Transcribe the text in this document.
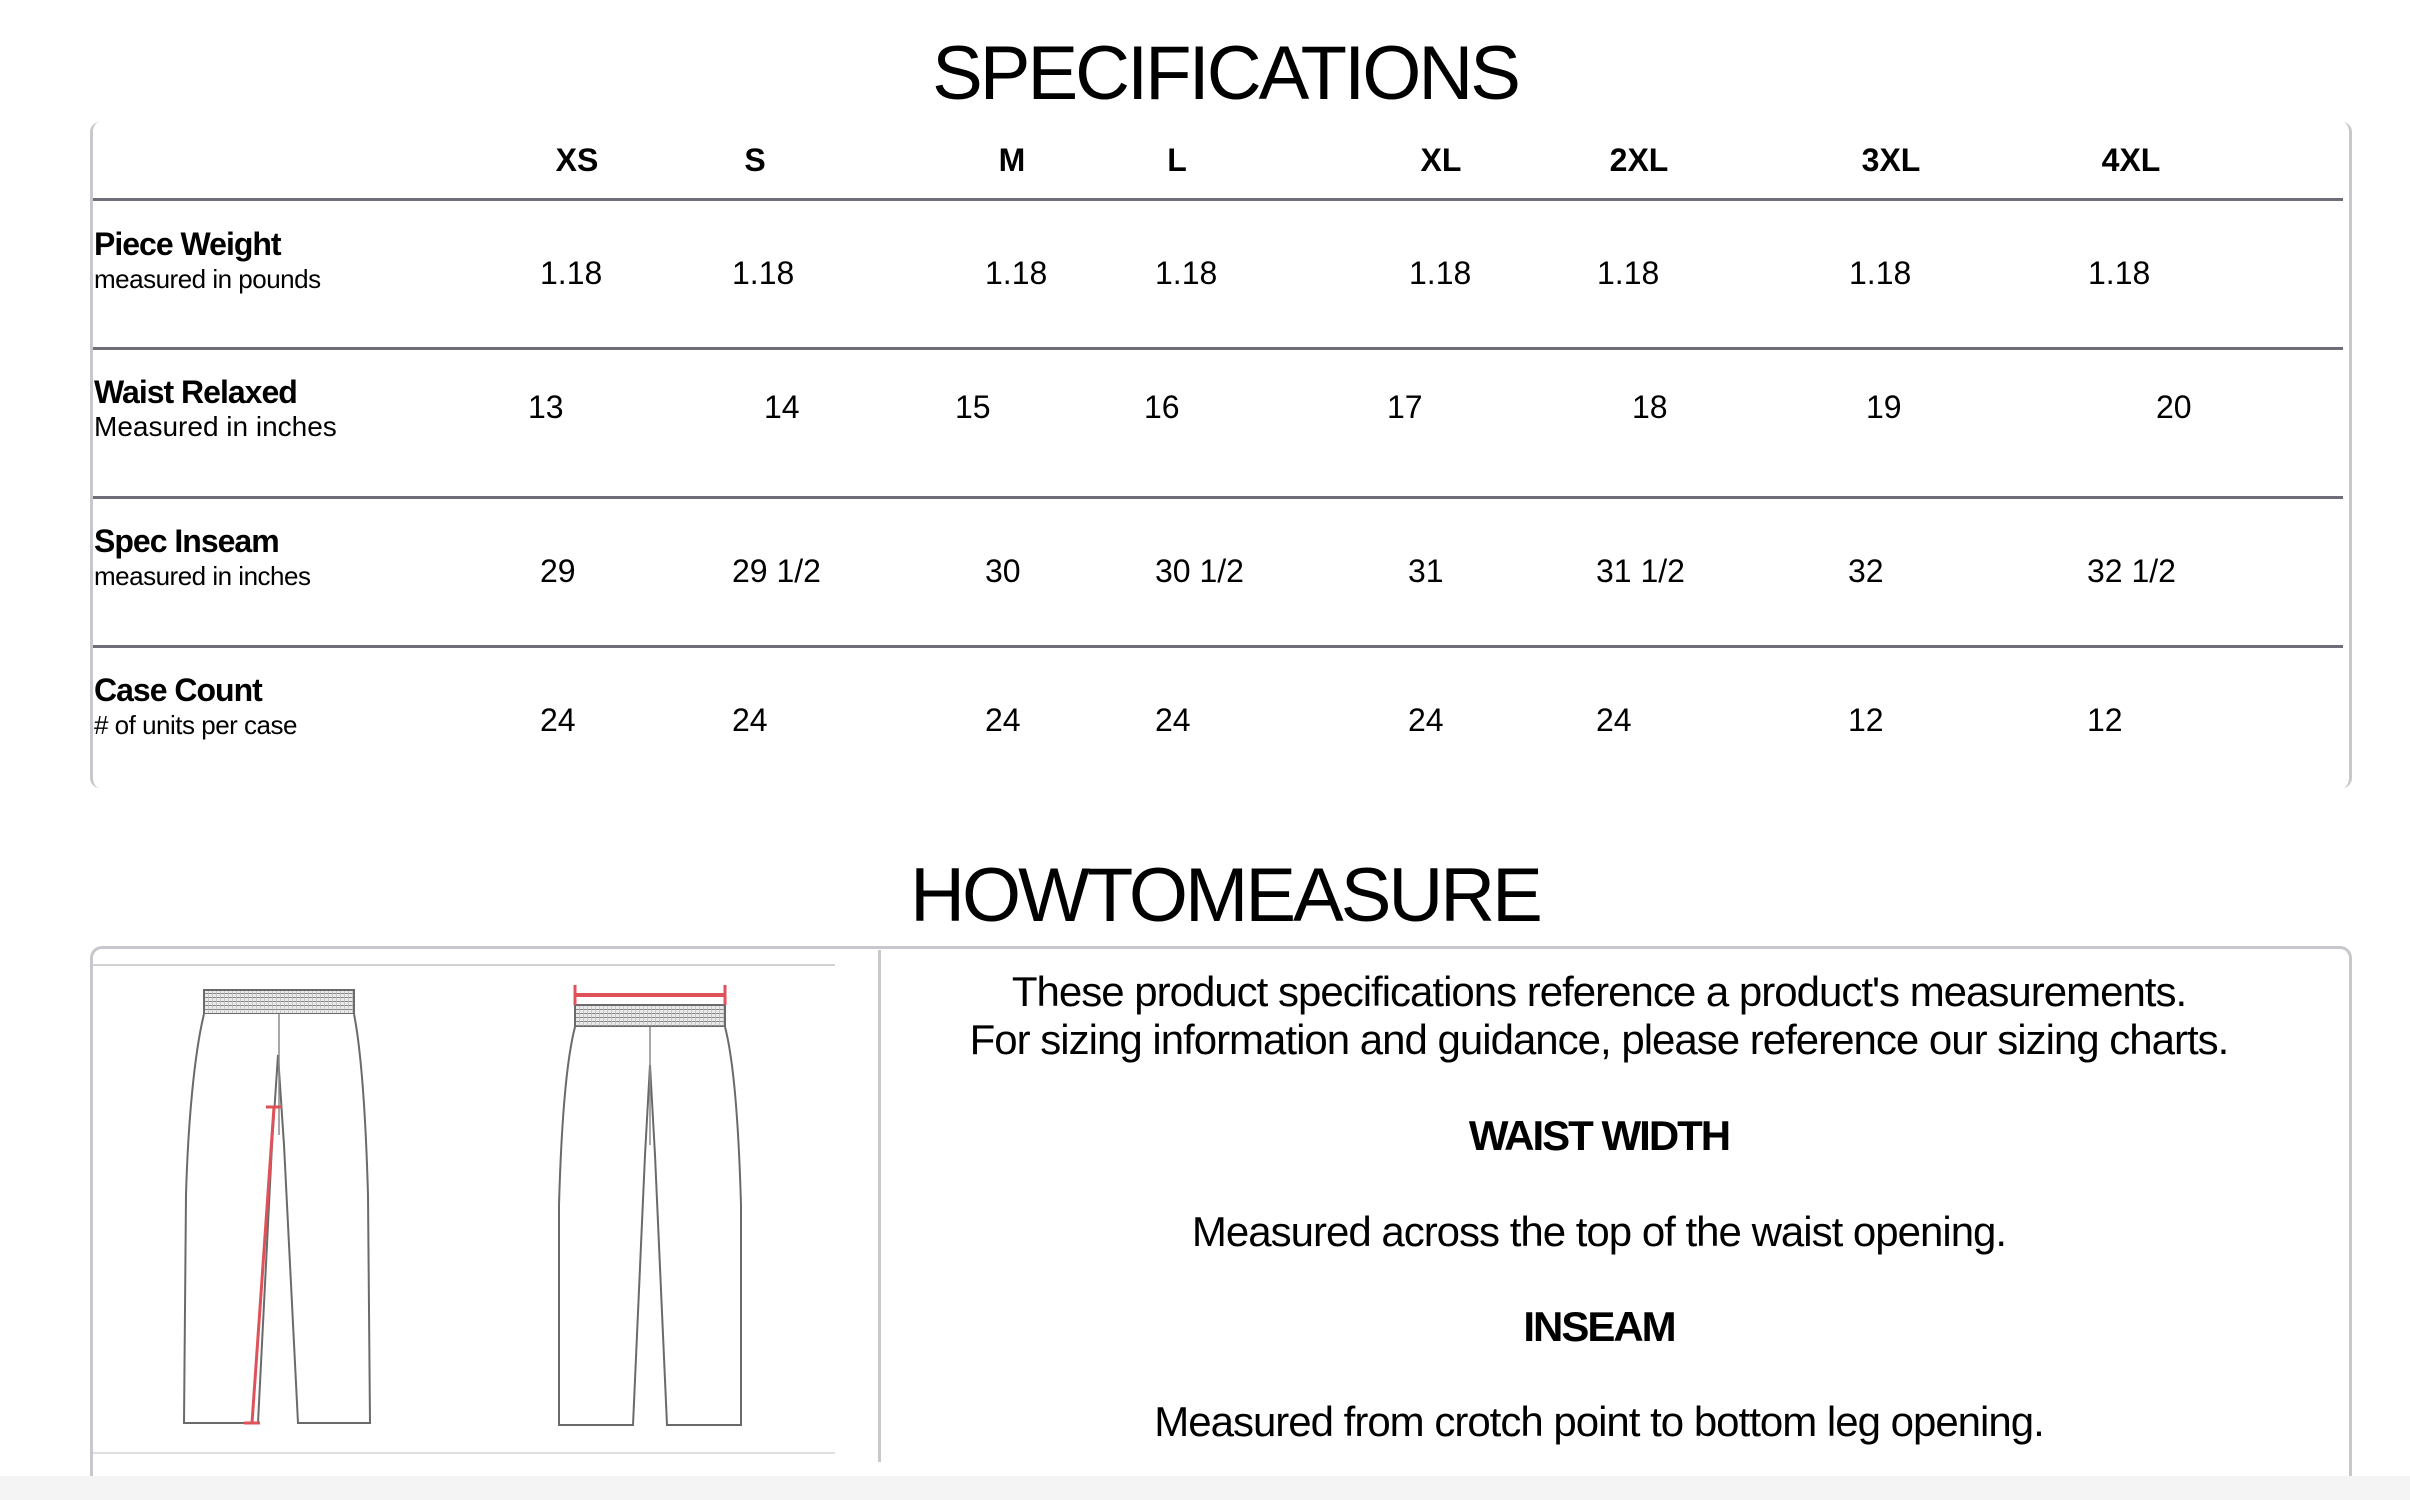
SPECIFICATIONS
XS	S	M	L	XL	2XL	3XL	4XL
Piece Weight
measured in pounds	1.18	1.18	1.18	1.18	1.18	1.18	1.18	1.18
Waist Relaxed
Measured in inches
13	14	15	16	17	18	19	20
Spec Inseam
measured in inches	29	29 1/2	30	30 1/2	31	31 1/2	32	32 1/2
Case Count
# of units per case	24	24	24	24	24	24	12	12
HOWTOMEASURE
These product specifications reference a product's measurements.
For sizing information and guidance, please reference our sizing charts.
WAIST WIDTH
Measured across the top of the waist opening.
INSEAM
Measured from crotch point to bottom leg opening.
